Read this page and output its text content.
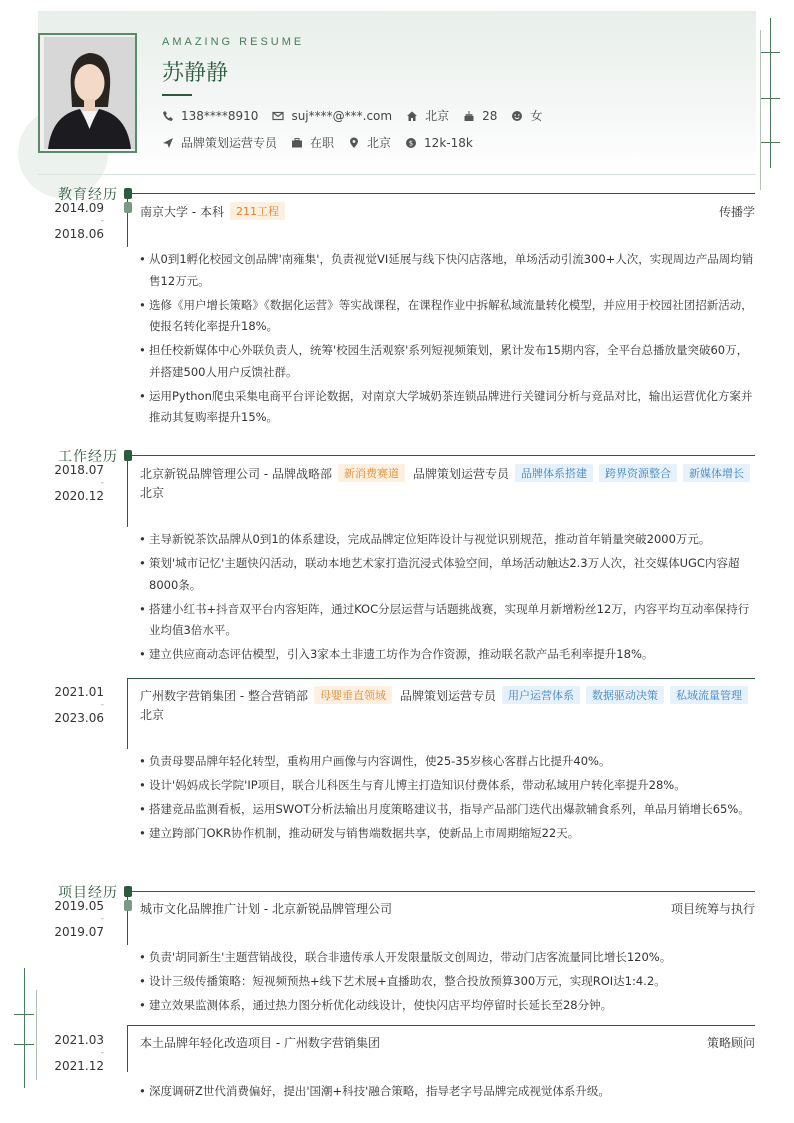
AMAZING RESUME
苏静静
138****8910	suj****@***.com	北京	28	女
品牌策划运营专员	在职	北京	$ 12k-18k
教育经历
2014.09
-
2018.06
南京大学 - 本科	211工程	传播学
• 从0到1孵化校园文创品牌'南雍集'，负责视觉VI延展与线下快闪店落地，单场活动引流300+人次，实现周边产品周均销售12万元。
• 选修《用户增长策略》《数据化运营》等实战课程，在课程作业中拆解私域流量转化模型，并应用于校园社团招新活动，使报名转化率提升18%。
• 担任校新媒体中心外联负责人，统筹'校园生活观察'系列短视频策划，累计发布15期内容，全平台总播放量突破60万，并搭建500人用户反馈社群。
• 运用Python爬虫采集电商平台评论数据，对南京大学城奶茶连锁品牌进行关键词分析与竞品对比，输出运营优化方案并推动其复购率提升15%。
工作经历
2018.07
-
2020.12
北京新锐品牌管理公司 - 品牌战略部	新消费赛道	品牌策划运营专员	品牌体系搭建	跨界资源整合	新媒体增长
北京
• 主导新锐茶饮品牌从0到1的体系建设，完成品牌定位矩阵设计与视觉识别规范，推动首年销量突破2000万元。
• 策划'城市记忆'主题快闪活动，联动本地艺术家打造沉浸式体验空间，单场活动触达2.3万人次，社交媒体UGC内容超8000条。
• 搭建小红书+抖音双平台内容矩阵，通过KOC分层运营与话题挑战赛，实现单月新增粉丝12万，内容平均互动率保持行业均值3倍水平。
• 建立供应商动态评估模型，引入3家本土非遗工坊作为合作资源，推动联名款产品毛利率提升18%。
2021.01
-
2023.06
广州数字营销集团 - 整合营销部	母婴垂直领域	品牌策划运营专员	用户运营体系	数据驱动决策	私域流量管理
北京
• 负责母婴品牌年轻化转型，重构用户画像与内容调性，使25-35岁核心客群占比提升40%。
• 设计'妈妈成长学院'IP项目，联合儿科医生与育儿博主打造知识付费体系，带动私域用户转化率提升28%。
• 搭建竞品监测看板，运用SWOT分析法输出月度策略建议书，指导产品部门迭代出爆款辅食系列，单品月销增长65%。
• 建立跨部门OKR协作机制，推动研发与销售端数据共享，使新品上市周期缩短22天。
项目经历
2019.05
-
2019.07
城市文化品牌推广计划 - 北京新锐品牌管理公司	项目统筹与执行
• 负责'胡同新生'主题营销战役，联合非遗传承人开发限量版文创周边，带动门店客流量同比增长120%。
• 设计三级传播策略：短视频预热+线下艺术展+直播助农，整合投放预算300万元，实现ROI达1:4.2。
• 建立效果监测体系，通过热力图分析优化动线设计，使快闪店平均停留时长延长至28分钟。
2021.03
-
2021.12
本土品牌年轻化改造项目 - 广州数字营销集团	策略顾问
• 深度调研Z世代消费偏好，提出'国潮+科技'融合策略，指导老字号品牌完成视觉体系升级。
